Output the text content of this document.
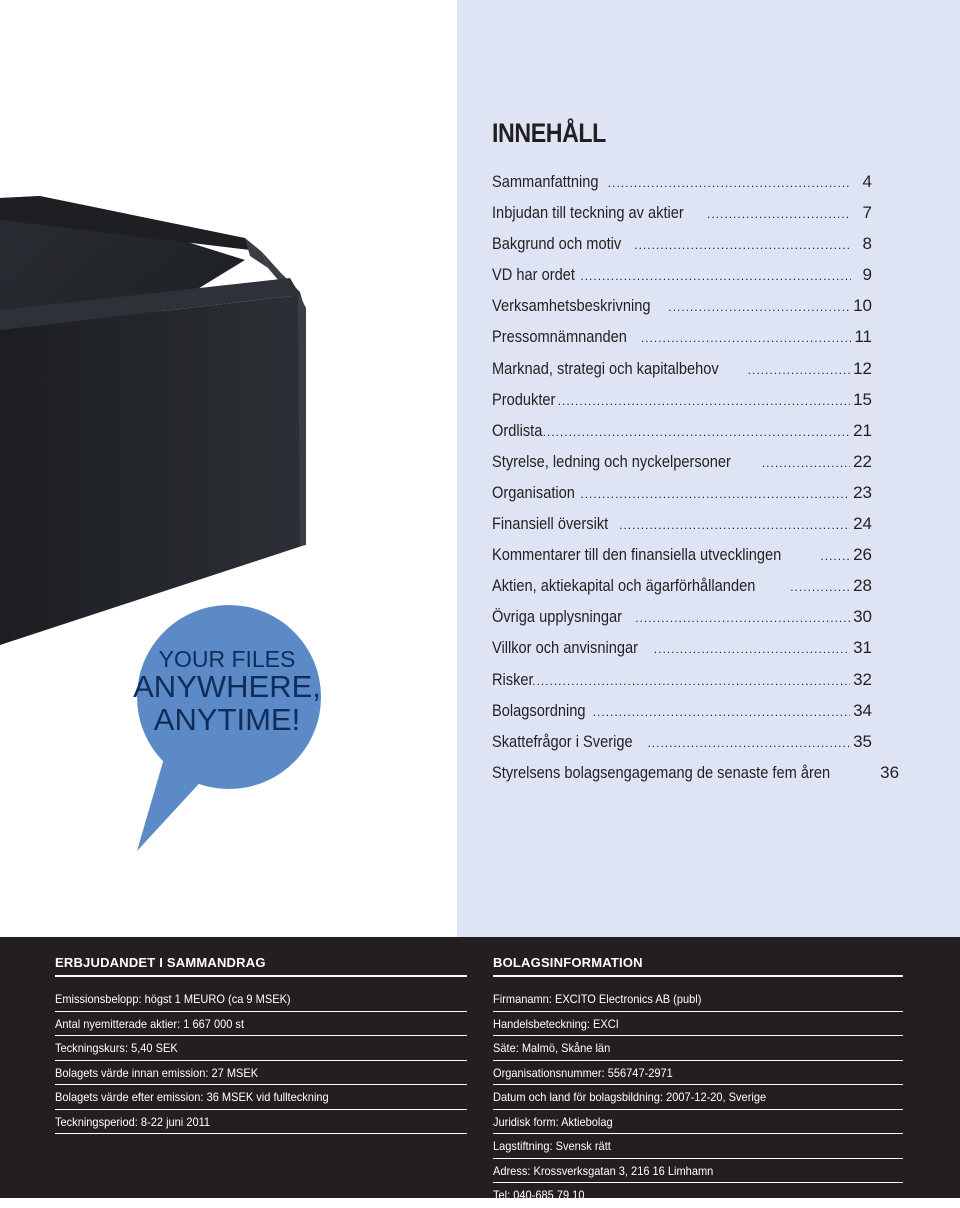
YOUR FILES
ANYWHERE,
ANYTIME!
INNEHÅLL
Sammanfattning .....	4
Inbjudan till teckning av aktier .....	7
Bakgrund och motiv .....	8
VD har ordet .....	9
Verksamhetsbeskrivning .....	10
Pressomnämnanden .....	11
Marknad, strategi och kapitalbehov .....	12
Produkter .....	15
Ordlista .....	21
Styrelse, ledning och nyckelpersoner .....	22
Organisation .....	23
Finansiell översikt .....	24
Kommentarer till den finansiella utvecklingen .....	26
Aktien, aktiekapital och ägarförhållanden .....	28
Övriga upplysningar .....	30
Villkor och anvisningar .....	31
Risker .....	32
Bolagsordning .....	34
Skattefrågor i Sverige .....	35
Styrelsens bolagsengagemang de senaste fem åren	36
ERBJUDANDET I SAMMANDRAG
Emissionsbelopp: högst 1 MEURO (ca 9 MSEK)
Antal nyemitterade aktier: 1 667 000 st
Teckningskurs: 5,40 SEK
Bolagets värde innan emission: 27 MSEK
Bolagets värde efter emission: 36 MSEK vid fullteckning
Teckningsperiod: 8-22 juni 2011
BOLAGSINFORMATION
Firmanamn: EXCITO Electronics AB (publ)
Handelsbeteckning: EXCI
Säte: Malmö, Skåne län
Organisationsnummer: 556747-2971
Datum och land för bolagsbildning: 2007-12-20, Sverige
Juridisk form: Aktiebolag
Lagstiftning: Svensk rätt
Adress: Krossverksgatan 3, 216 16 Limhamn
Tel: 040-685 79 10
